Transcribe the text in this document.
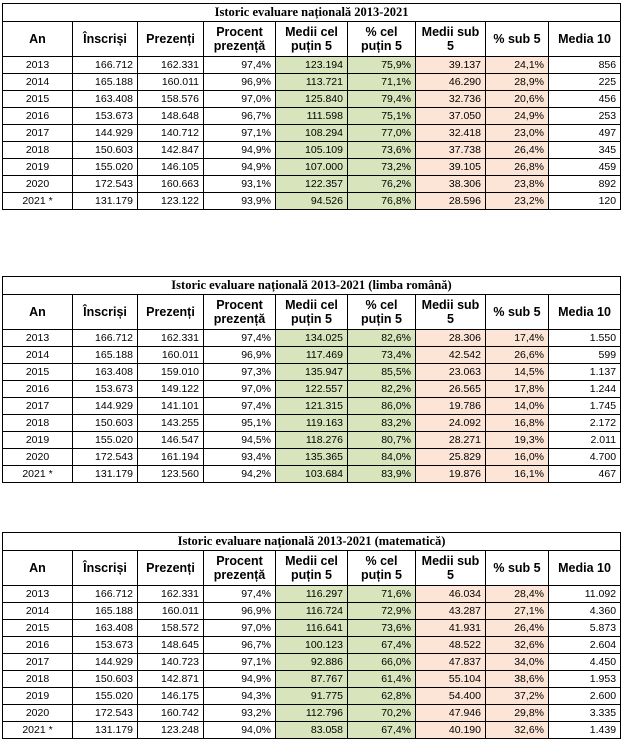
Istoric evaluare națională 2013-2021								
An	Înscriși	Prezenți	Procent prezență	Medii cel puțin 5	% cel puțin 5	Medii sub 5	% sub 5	Media 10
2013	166.712	162.331	97,4%	123.194	75,9%	39.137	24,1%	856
2014	165.188	160.011	96,9%	113.721	71,1%	46.290	28,9%	225
2015	163.408	158.576	97,0%	125.840	79,4%	32.736	20,6%	456
2016	153.673	148.648	96,7%	111.598	75,1%	37.050	24,9%	253
2017	144.929	140.712	97,1%	108.294	77,0%	32.418	23,0%	497
2018	150.603	142.847	94,9%	105.109	73,6%	37.738	26,4%	345
2019	155.020	146.105	94,9%	107.000	73,2%	39.105	26,8%	459
2020	172.543	160.663	93,1%	122.357	76,2%	38.306	23,8%	892
2021 *	131.179	123.122	93,9%	94.526	76,8%	28.596	23,2%	120
Istoric evaluare națională 2013-2021 (limba română)								
An	Înscriși	Prezenți	Procent prezență	Medii cel puțin 5	% cel puțin 5	Medii sub 5	% sub 5	Media 10
2013	166.712	162.331	97,4%	134.025	82,6%	28.306	17,4%	1.550
2014	165.188	160.011	96,9%	117.469	73,4%	42.542	26,6%	599
2015	163.408	159.010	97,3%	135.947	85,5%	23.063	14,5%	1.137
2016	153.673	149.122	97,0%	122.557	82,2%	26.565	17,8%	1.244
2017	144.929	141.101	97,4%	121.315	86,0%	19.786	14,0%	1.745
2018	150.603	143.255	95,1%	119.163	83,2%	24.092	16,8%	2.172
2019	155.020	146.547	94,5%	118.276	80,7%	28.271	19,3%	2.011
2020	172.543	161.194	93,4%	135.365	84,0%	25.829	16,0%	4.700
2021 *	131.179	123.560	94,2%	103.684	83,9%	19.876	16,1%	467
Istoric evaluare națională 2013-2021 (matematică)								
An	Înscriși	Prezenți	Procent prezență	Medii cel puțin 5	% cel puțin 5	Medii sub 5	% sub 5	Media 10
2013	166.712	162.331	97,4%	116.297	71,6%	46.034	28,4%	11.092
2014	165.188	160.011	96,9%	116.724	72,9%	43.287	27,1%	4.360
2015	163.408	158.572	97,0%	116.641	73,6%	41.931	26,4%	5.873
2016	153.673	148.645	96,7%	100.123	67,4%	48.522	32,6%	2.604
2017	144.929	140.723	97,1%	92.886	66,0%	47.837	34,0%	4.450
2018	150.603	142.871	94,9%	87.767	61,4%	55.104	38,6%	1.953
2019	155.020	146.175	94,3%	91.775	62,8%	54.400	37,2%	2.600
2020	172.543	160.742	93,2%	112.796	70,2%	47.946	29,8%	3.335
2021 *	131.179	123.248	94,0%	83.058	67,4%	40.190	32,6%	1.439
